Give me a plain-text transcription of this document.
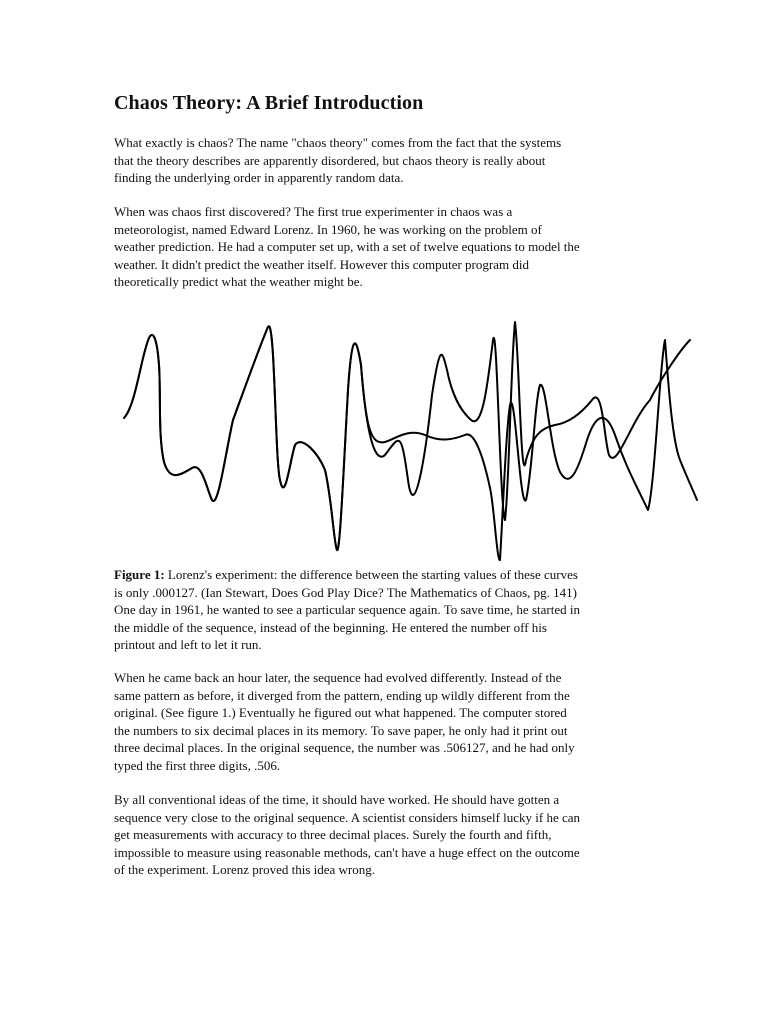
Chaos Theory: A Brief Introduction

What exactly is chaos? The name "chaos theory" comes from the fact that the systems
that the theory describes are apparently disordered, but chaos theory is really about
finding the underlying order in apparently random data.

When was chaos first discovered? The first true experimenter in chaos was a
meteorologist, named Edward Lorenz. In 1960, he was working on the problem of
weather prediction. He had a computer set up, with a set of twelve equations to model the
weather. It didn't predict the weather itself. However this computer program did
theoretically predict what the weather might be.

Figure 1: Lorenz's experiment: the difference between the starting values of these curves
is only .000127. (Ian Stewart, Does God Play Dice? The Mathematics of Chaos, pg. 141)
One day in 1961, he wanted to see a particular sequence again. To save time, he started in
the middle of the sequence, instead of the beginning. He entered the number off his
printout and left to let it run.

When he came back an hour later, the sequence had evolved differently. Instead of the
same pattern as before, it diverged from the pattern, ending up wildly different from the
original. (See figure 1.) Eventually he figured out what happened. The computer stored
the numbers to six decimal places in its memory. To save paper, he only had it print out
three decimal places. In the original sequence, the number was .506127, and he had only
typed the first three digits, .506.

By all conventional ideas of the time, it should have worked. He should have gotten a
sequence very close to the original sequence. A scientist considers himself lucky if he can
get measurements with accuracy to three decimal places. Surely the fourth and fifth,
impossible to measure using reasonable methods, can't have a huge effect on the outcome
of the experiment. Lorenz proved this idea wrong.
